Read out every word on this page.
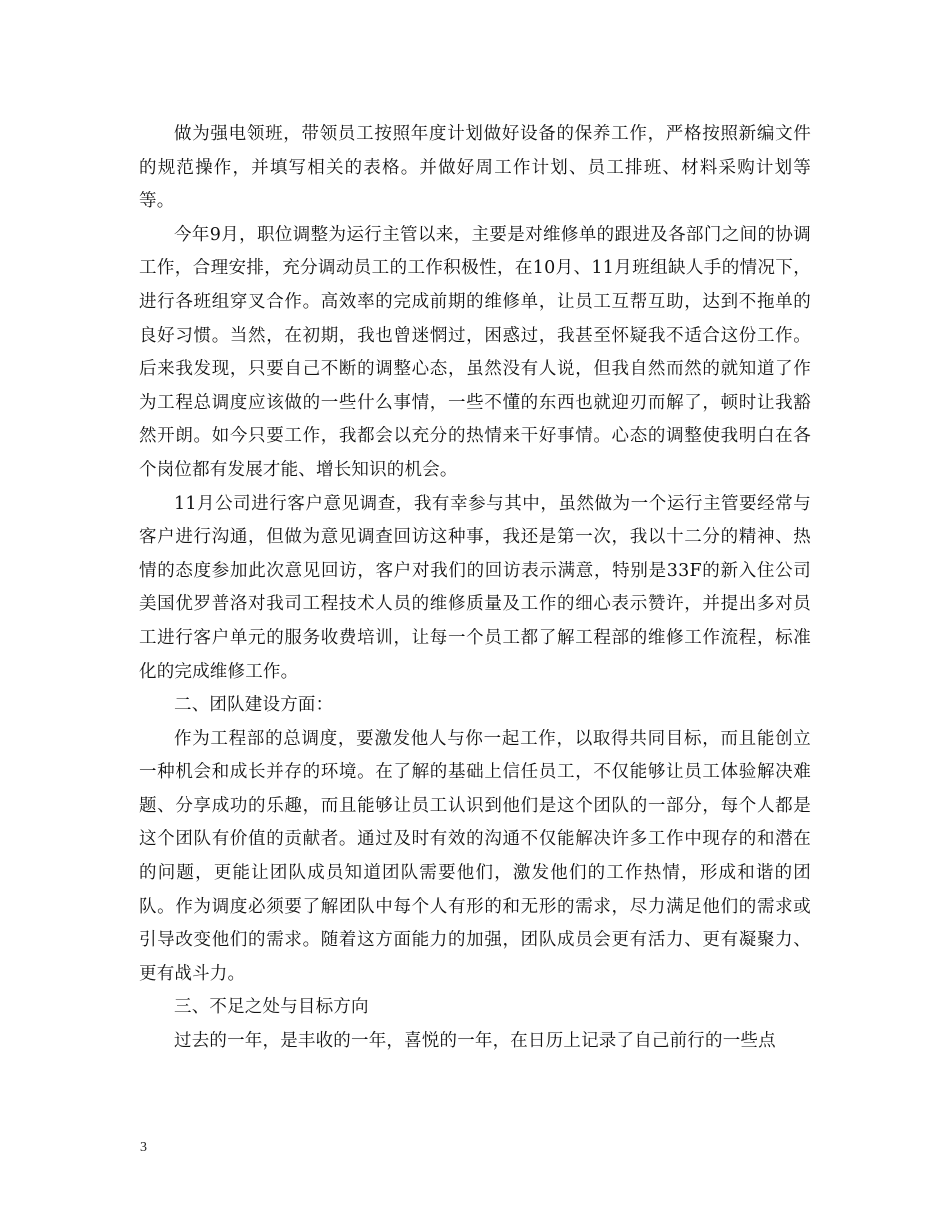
做为强电领班，带领员工按照年度计划做好设备的保养工作，严格按照新编文件的规范操作，并填写相关的表格。并做好周工作计划、员工排班、材料采购计划等等。

今年9月，职位调整为运行主管以来，主要是对维修单的跟进及各部门之间的协调工作，合理安排，充分调动员工的工作积极性，在10月、11月班组缺人手的情况下，进行各班组穿叉合作。高效率的完成前期的维修单，让员工互帮互助，达到不拖单的良好习惯。当然，在初期，我也曾迷惘过，困惑过，我甚至怀疑我不适合这份工作。后来我发现，只要自己不断的调整心态，虽然没有人说，但我自然而然的就知道了作为工程总调度应该做的一些什么事情，一些不懂的东西也就迎刃而解了，顿时让我豁然开朗。如今只要工作，我都会以充分的热情来干好事情。心态的调整使我明白在各个岗位都有发展才能、增长知识的机会。

11月公司进行客户意见调查，我有幸参与其中，虽然做为一个运行主管要经常与客户进行沟通，但做为意见调查回访这种事，我还是第一次，我以十二分的精神、热情的态度参加此次意见回访，客户对我们的回访表示满意，特别是33F的新入住公司美国优罗普洛对我司工程技术人员的维修质量及工作的细心表示赞许，并提出多对员工进行客户单元的服务收费培训，让每一个员工都了解工程部的维修工作流程，标准化的完成维修工作。

二、团队建设方面：

作为工程部的总调度，要激发他人与你一起工作，以取得共同目标，而且能创立一种机会和成长并存的环境。在了解的基础上信任员工，不仅能够让员工体验解决难题、分享成功的乐趣，而且能够让员工认识到他们是这个团队的一部分，每个人都是这个团队有价值的贡献者。通过及时有效的沟通不仅能解决许多工作中现存的和潜在的问题，更能让团队成员知道团队需要他们，激发他们的工作热情，形成和谐的团队。作为调度必须要了解团队中每个人有形的和无形的需求，尽力满足他们的需求或引导改变他们的需求。随着这方面能力的加强，团队成员会更有活力、更有凝聚力、更有战斗力。

三、不足之处与目标方向

过去的一年，是丰收的一年，喜悦的一年，在日历上记录了自己前行的一些点

3
